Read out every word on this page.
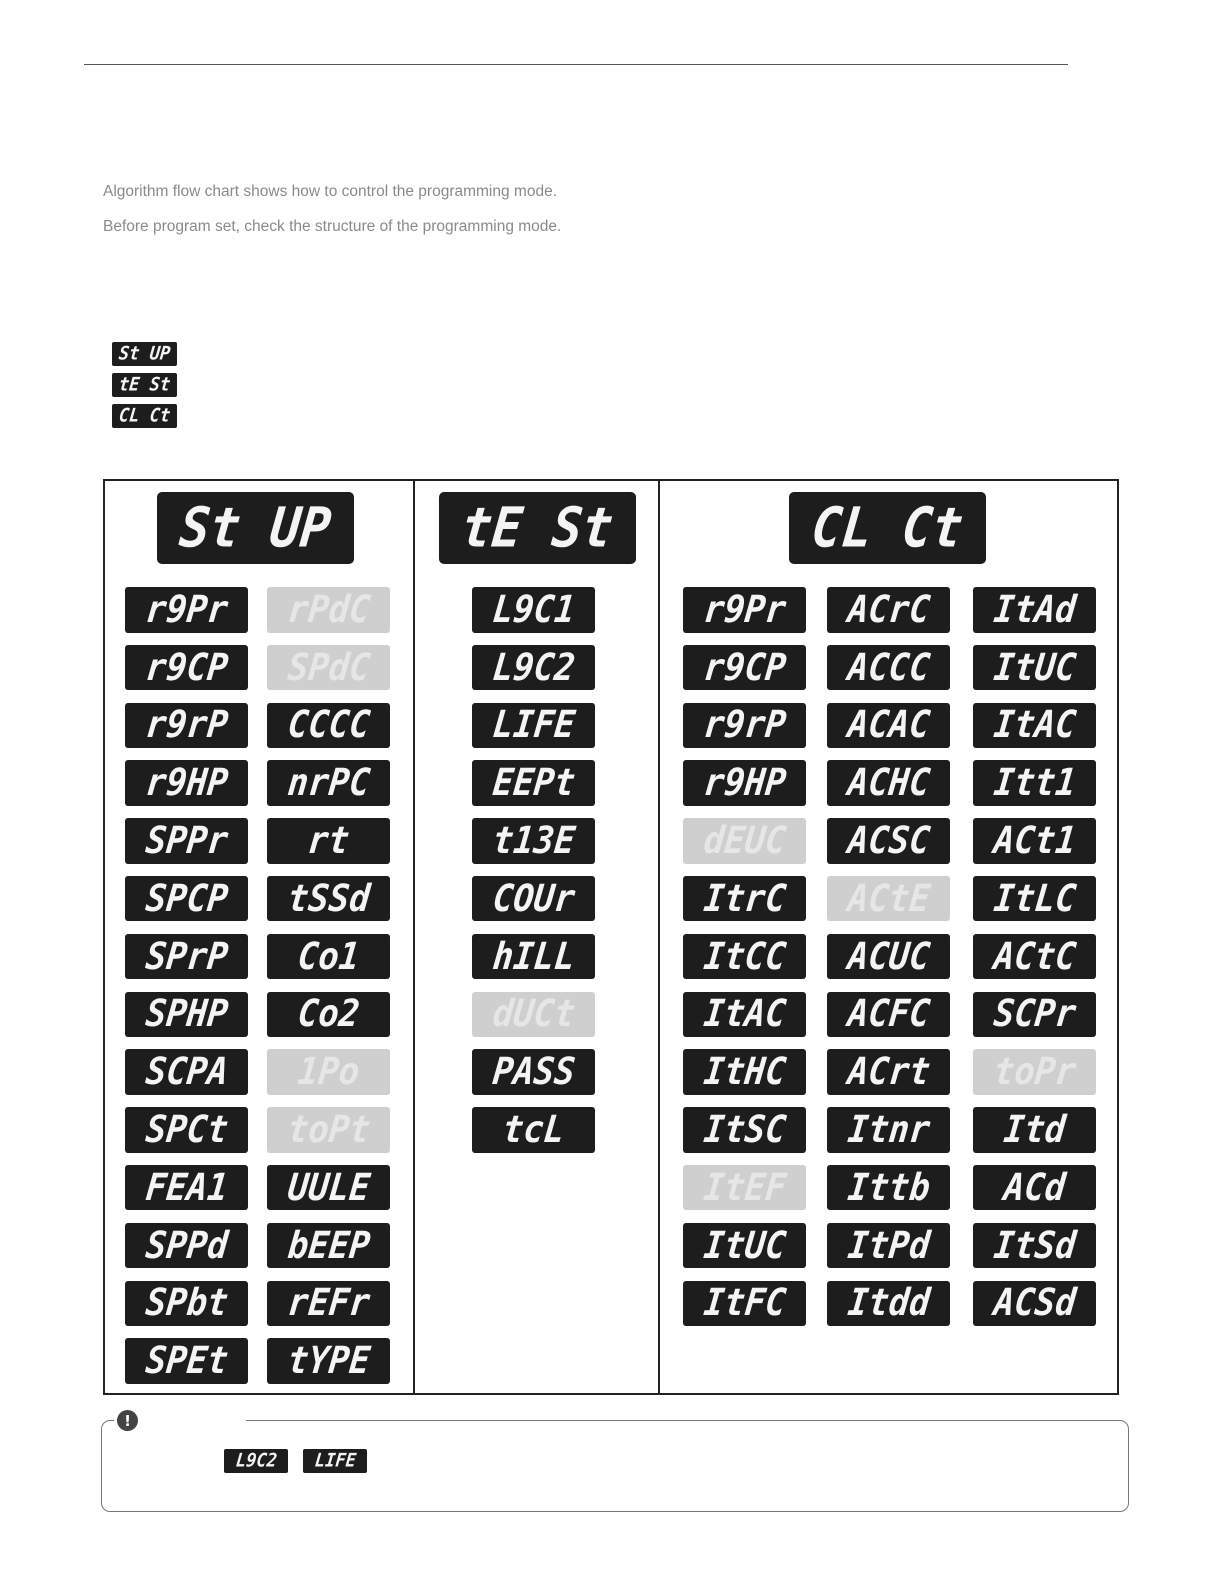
Algorithm flow chart shows how to control the programming mode.
Before program set, check the structure of the programming mode.
St UP
tE St
CL Ct
St UP tE St	CL Ct
r9Pr
r9CP
r9rP
r9HP
SPPr
SPCP
SPrP
SPHP
SCPA
SPCt
FEA1
SPPd
SPbt
SPEt
rPdC
SPdC
CCCC
nrPC
rt
tSSd
Co1
Co2
1Po
toPt
UULE
bEEP
rEFr
tYPE
L9C1
L9C2
LIFE
EEPt
t13E
COUr
hILL
dUCt
PASS
tcL
r9Pr
r9CP
r9rP
r9HP
dEUC
ItrC
ItCC
ItAC
ItHC
ItSC
ItEF
ItUC
ItFC
ACrC
ACCC
ACAC
ACHC
ACSC
ACtE
ACUC
ACFC
ACrt
Itnr
Ittb
ItPd
Itdd
ItAd
ItUC
ItAC
Itt1
ACt1
ItLC
ACtC
SCPr
toPr
Itd
ACd
ItSd
ACSd
!
L9C2 LIFE
